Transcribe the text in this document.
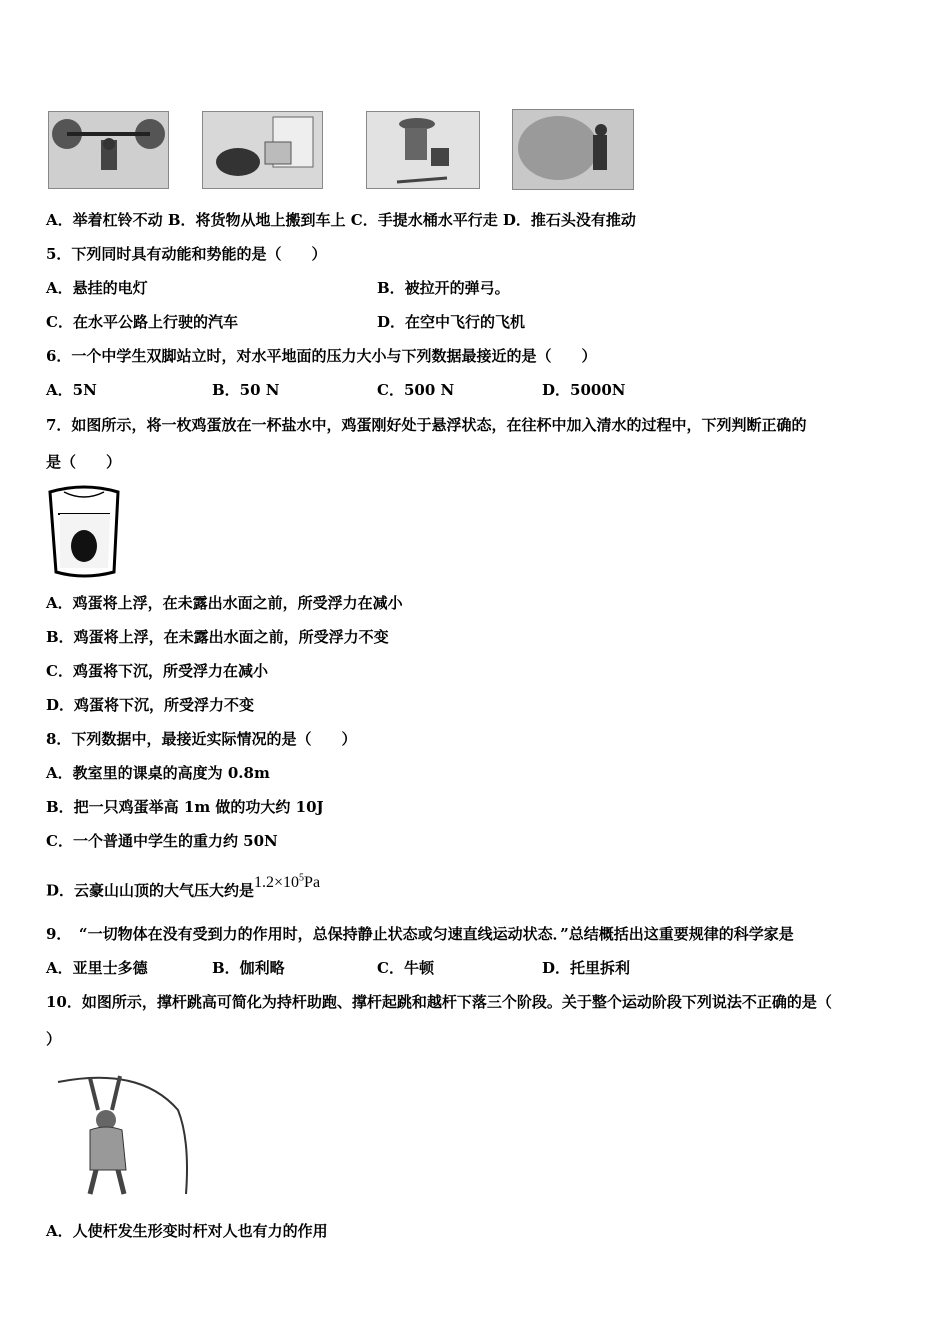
A．举着杠铃不动 B．将货物从地上搬到车上 C．手提水桶水平行走 D．推石头没有推动
5．下列同时具有动能和势能的是（　　）
A．悬挂的电灯	B．被拉开的弹弓。
C．在水平公路上行驶的汽车	D．在空中飞行的飞机
6．一个中学生双脚站立时，对水平地面的压力大小与下列数据最接近的是（　　）
A．5N	B．50 N	C．500 N	D．5000N
7．如图所示，将一枚鸡蛋放在一杯盐水中，鸡蛋刚好处于悬浮状态，在往杯中加入清水的过程中，下列判断正确的
是（　　）
A．鸡蛋将上浮，在未露出水面之前，所受浮力在减小
B．鸡蛋将上浮，在未露出水面之前，所受浮力不变
C．鸡蛋将下沉，所受浮力在减小
D．鸡蛋将下沉，所受浮力不变
8．下列数据中，最接近实际情况的是（　　）
A．教室里的课桌的高度为 0.8m
B．把一只鸡蛋举高 1m 做的功大约 10J
C．一个普通中学生的重力约 50N
D．云豪山山顶的大气压大约是$1.2\times 10^5Pa$
9．　“一切物体在没有受到力的作用时，总保持静止状态或匀速直线运动状态．”总结概括出这重要规律的科学家是
A．亚里士多德	B．伽利略	C．牛顿	D．托里拆利
10．如图所示，撑杆跳高可简化为持杆助跑、撑杆起跳和越杆下落三个阶段。关于整个运动阶段下列说法不正确的是（
）
A．人使杆发生形变时杆对人也有力的作用
